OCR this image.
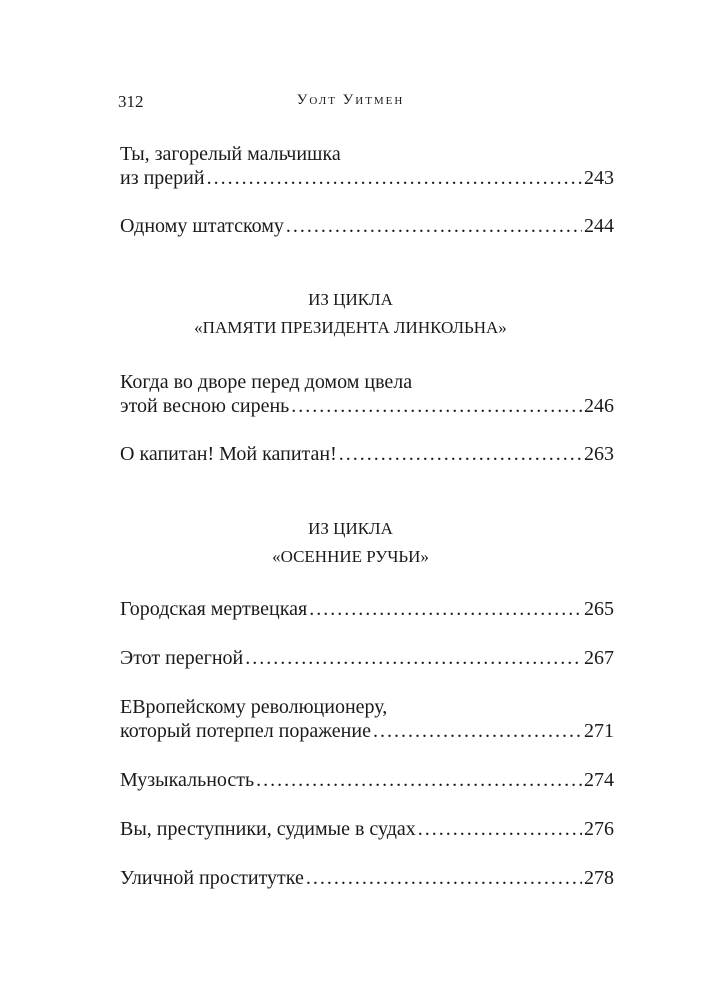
312	Уолт Уитмен
Ты, загорелый мальчишка
из прерий .....	243
Одному штатскому .....	244
ИЗ ЦИКЛА
«ПАМЯТИ ПРЕЗИДЕНТА ЛИНКОЛЬНА»
Когда во дворе перед домом цвела
этой весною сирень .....	246
О капитан! Мой капитан! .....	263
ИЗ ЦИКЛА
«ОСЕННИЕ РУЧЬИ»
Городская мертвецкая .....	265
Этот перегной .....	267
ЕВропейскому революционеру,
который потерпел поражение .....	271
Музыкальность .....	274
Вы, преступники, судимые в судах .....	276
Уличной проститутке .....	278
